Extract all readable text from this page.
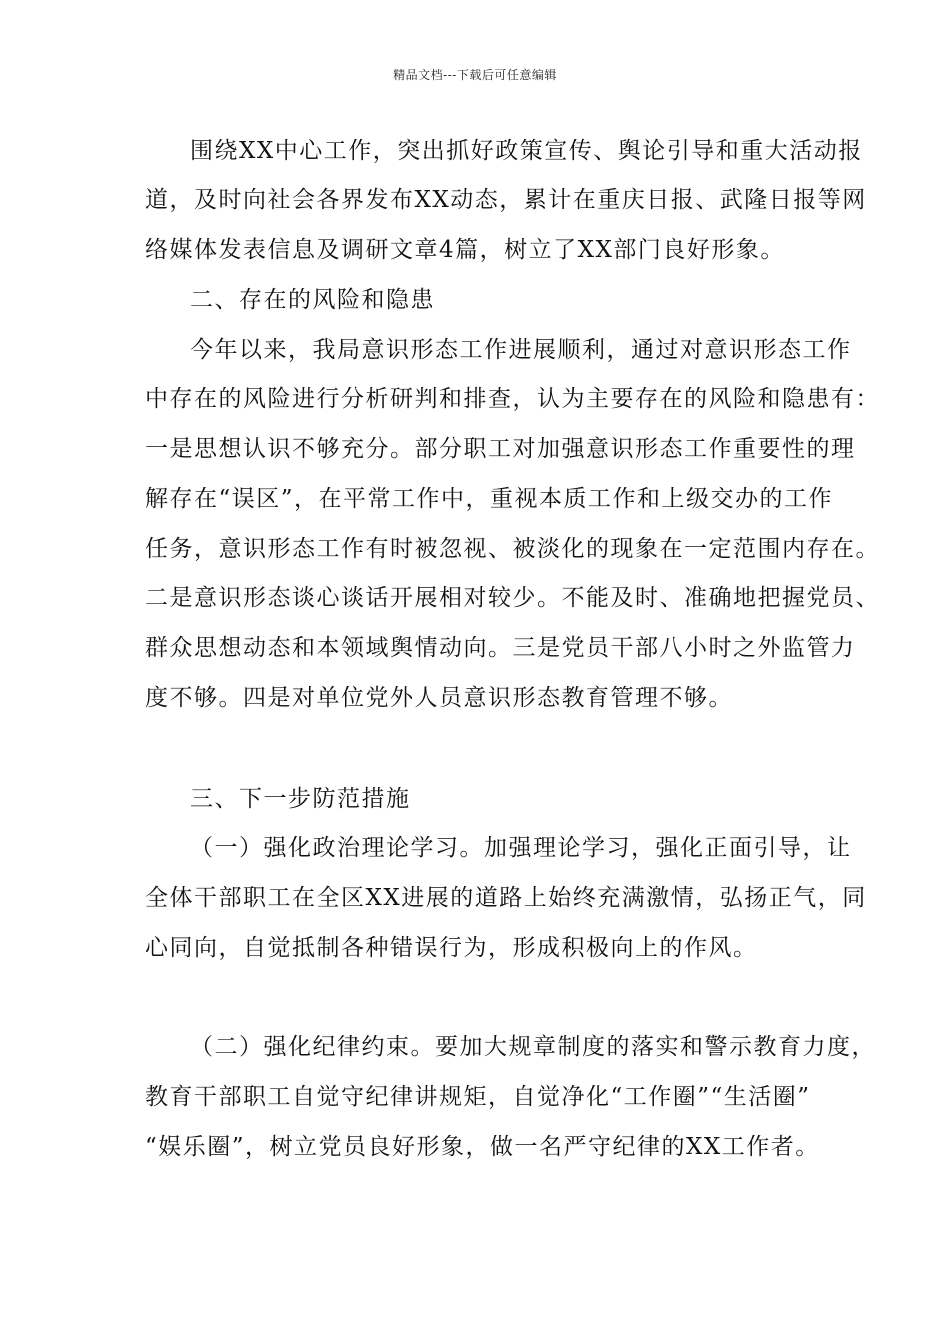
精品文档---下载后可任意编辑
围绕XX中心工作，突出抓好政策宣传、舆论引导和重大活动报
道，及时向社会各界发布XX动态，累计在重庆日报、武隆日报等网
络媒体发表信息及调研文章4篇，树立了XX部门良好形象。
二、存在的风险和隐患
今年以来，我局意识形态工作进展顺利，通过对意识形态工作
中存在的风险进行分析研判和排查，认为主要存在的风险和隐患有：
一是思想认识不够充分。部分职工对加强意识形态工作重要性的理
解存在“误区”，在平常工作中，重视本质工作和上级交办的工作
任务，意识形态工作有时被忽视、被淡化的现象在一定范围内存在。
二是意识形态谈心谈话开展相对较少。不能及时、准确地把握党员、
群众思想动态和本领域舆情动向。三是党员干部八小时之外监管力
度不够。四是对单位党外人员意识形态教育管理不够。
三、下一步防范措施
（一）强化政治理论学习。加强理论学习，强化正面引导，让
全体干部职工在全区XX进展的道路上始终充满激情，弘扬正气，同
心同向，自觉抵制各种错误行为，形成积极向上的作风。
（二）强化纪律约束。要加大规章制度的落实和警示教育力度，
教育干部职工自觉守纪律讲规矩，自觉净化“工作圈”“生活圈”
“娱乐圈”，树立党员良好形象，做一名严守纪律的XX工作者。
